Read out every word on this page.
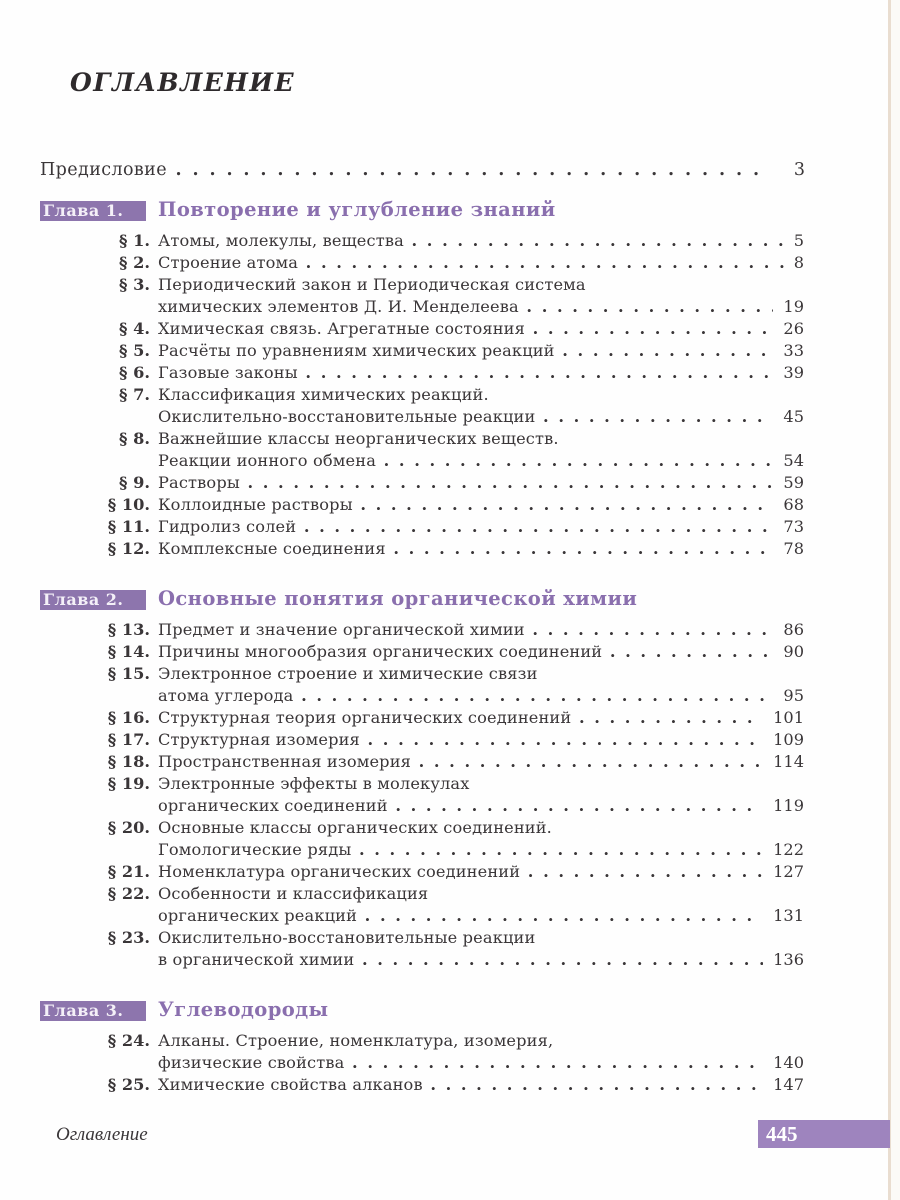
ОГЛАВЛЕНИЕ
Предисловие . . .	3
Глава 1.	Повторение и углубление знаний
§ 1. Атомы, молекулы, вещества . . .	5
§ 2. Строение атома . . .	8
§ 3. Периодический закон и Периодическая система
химических элементов Д. И. Менделеева . . .	19
§ 4. Химическая связь. Агрегатные состояния . . .	26
§ 5. Расчёты по уравнениям химических реакций . . .	33
§ 6. Газовые законы . . .	39
§ 7. Классификация химических реакций.
Окислительно-восстановительные реакции . . .	45
§ 8. Важнейшие классы неорганических веществ.
Реакции ионного обмена . . .	54
§ 9. Растворы . . .	59
§ 10. Коллоидные растворы . . .	68
§ 11. Гидролиз солей . . .	73
§ 12. Комплексные соединения . . .	78
Глава 2.	Основные понятия органической химии
§ 13. Предмет и значение органической химии . . .	86
§ 14. Причины многообразия органических соединений . . .	90
§ 15. Электронное строение и химические связи
атома углерода . . .	95
§ 16. Структурная теория органических соединений . . .	101
§ 17. Структурная изомерия . . .	109
§ 18. Пространственная изомерия . . .	114
§ 19. Электронные эффекты в молекулах
органических соединений . . .	119
§ 20. Основные классы органических соединений.
Гомологические ряды . . .	122
§ 21. Номенклатура органических соединений . . .	127
§ 22. Особенности и классификация
органических реакций . . .	131
§ 23. Окислительно-восстановительные реакции
в органической химии . . .	136
Глава 3.	Углеводороды
§ 24. Алканы. Строение, номенклатура, изомерия,
физические свойства . . .	140
§ 25. Химические свойства алканов . . .	147
Оглавление	445
